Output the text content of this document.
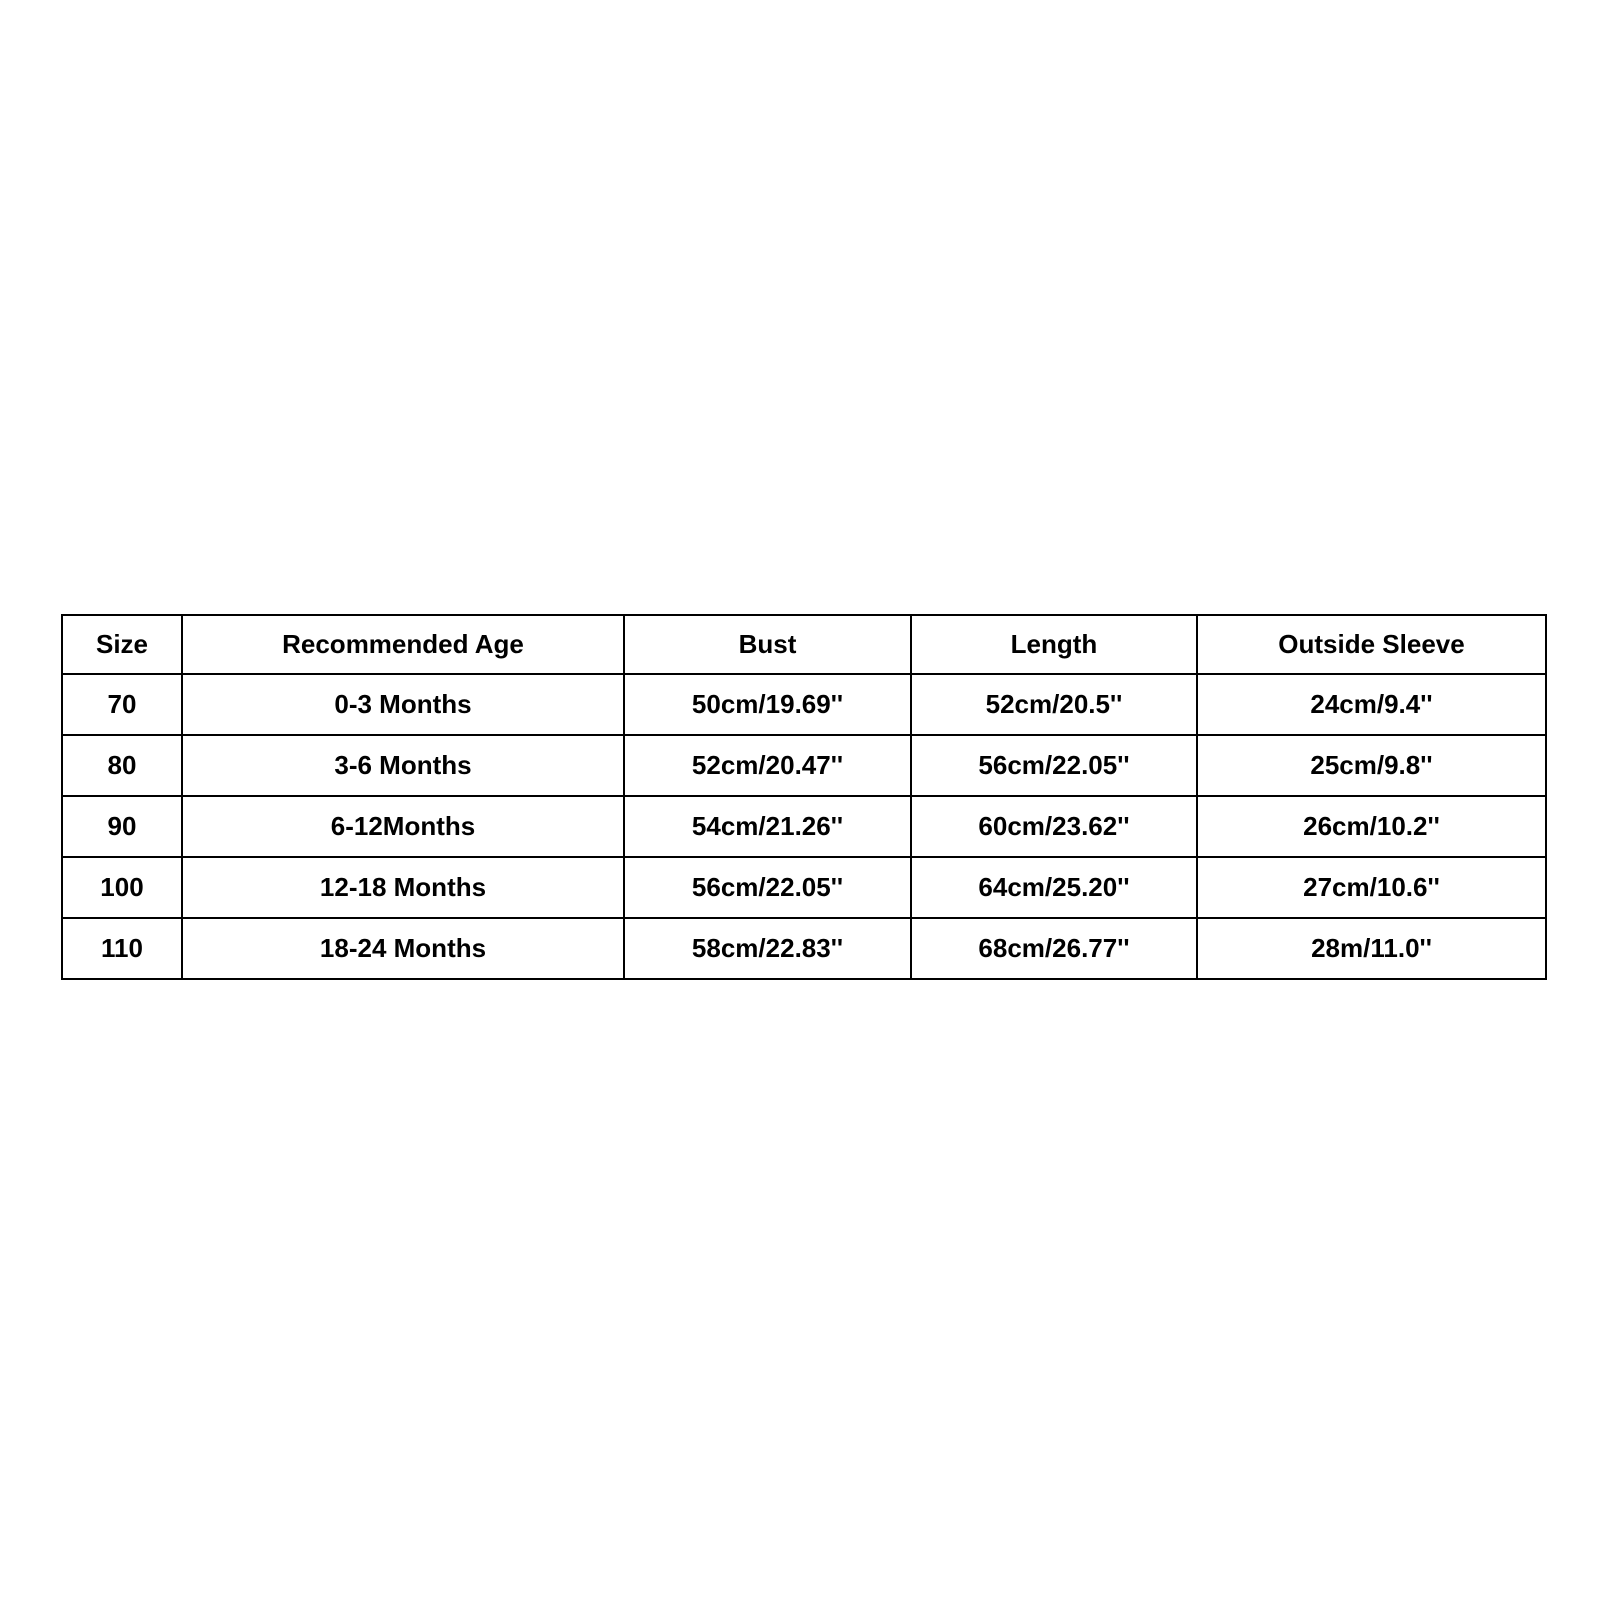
Size	Recommended Age	Bust	Length	Outside Sleeve
70	0-3 Months	50cm/19.69''	52cm/20.5''	24cm/9.4''
80	3-6 Months	52cm/20.47''	56cm/22.05''	25cm/9.8''
90	6-12Months	54cm/21.26''	60cm/23.62''	26cm/10.2''
100	12-18 Months	56cm/22.05''	64cm/25.20''	27cm/10.6''
110	18-24 Months	58cm/22.83''	68cm/26.77''	28m/11.0''
